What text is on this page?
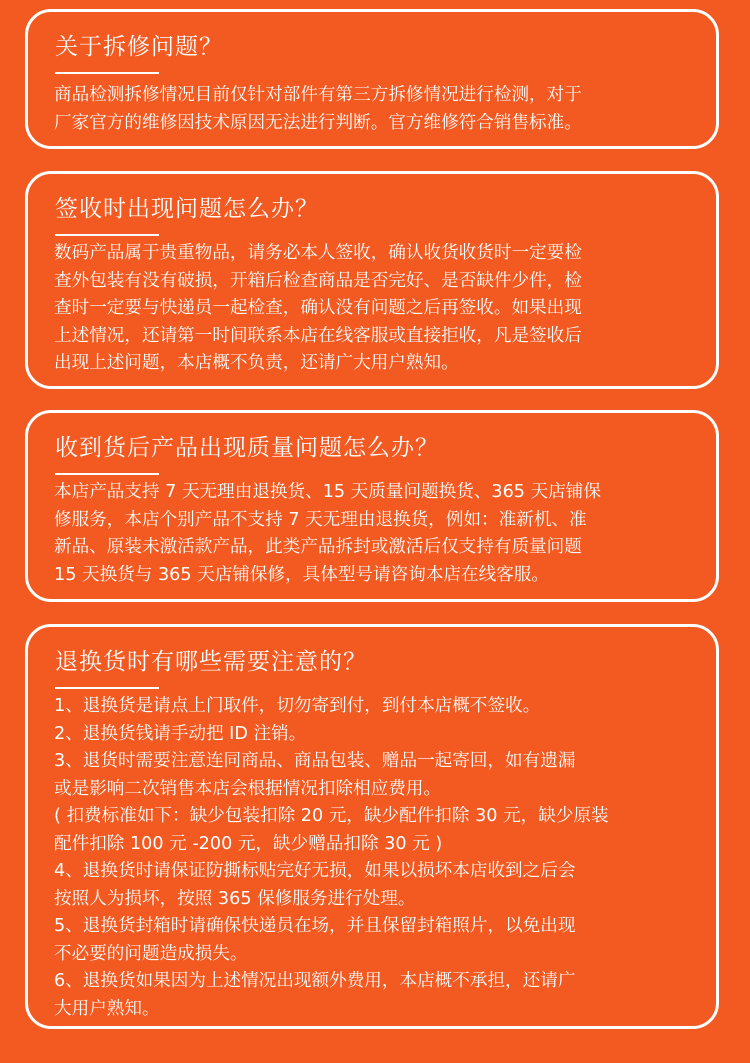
关于拆修问题？
商品检测拆修情况目前仅针对部件有第三方拆修情况进行检测，对于
厂家官方的维修因技术原因无法进行判断。官方维修符合销售标准。
签收时出现问题怎么办？
数码产品属于贵重物品，请务必本人签收，确认收货收货时一定要检
查外包装有没有破损，开箱后检查商品是否完好、是否缺件少件，检
查时一定要与快递员一起检查，确认没有问题之后再签收。如果出现
上述情况，还请第一时间联系本店在线客服或直接拒收，凡是签收后
出现上述问题，本店概不负责，还请广大用户熟知。
收到货后产品出现质量问题怎么办？
本店产品支持 7 天无理由退换货、15 天质量问题换货、365 天店铺保
修服务，本店个别产品不支持 7 天无理由退换货，例如：准新机、准
新品、原装未激活款产品，此类产品拆封或激活后仅支持有质量问题
15 天换货与 365 天店铺保修，具体型号请咨询本店在线客服。
退换货时有哪些需要注意的？
1、退换货是请点上门取件，切勿寄到付，到付本店概不签收。
2、退换货钱请手动把 ID 注销。
3、退货时需要注意连同商品、商品包装、赠品一起寄回，如有遗漏
或是影响二次销售本店会根据情况扣除相应费用。
( 扣费标准如下：缺少包装扣除 20 元，缺少配件扣除 30 元，缺少原装
配件扣除 100 元 -200 元，缺少赠品扣除 30 元 )
4、退换货时请保证防撕标贴完好无损，如果以损坏本店收到之后会
按照人为损坏，按照 365 保修服务进行处理。
5、退换货封箱时请确保快递员在场，并且保留封箱照片，以免出现
不必要的问题造成损失。
6、退换货如果因为上述情况出现额外费用，本店概不承担，还请广
大用户熟知。
